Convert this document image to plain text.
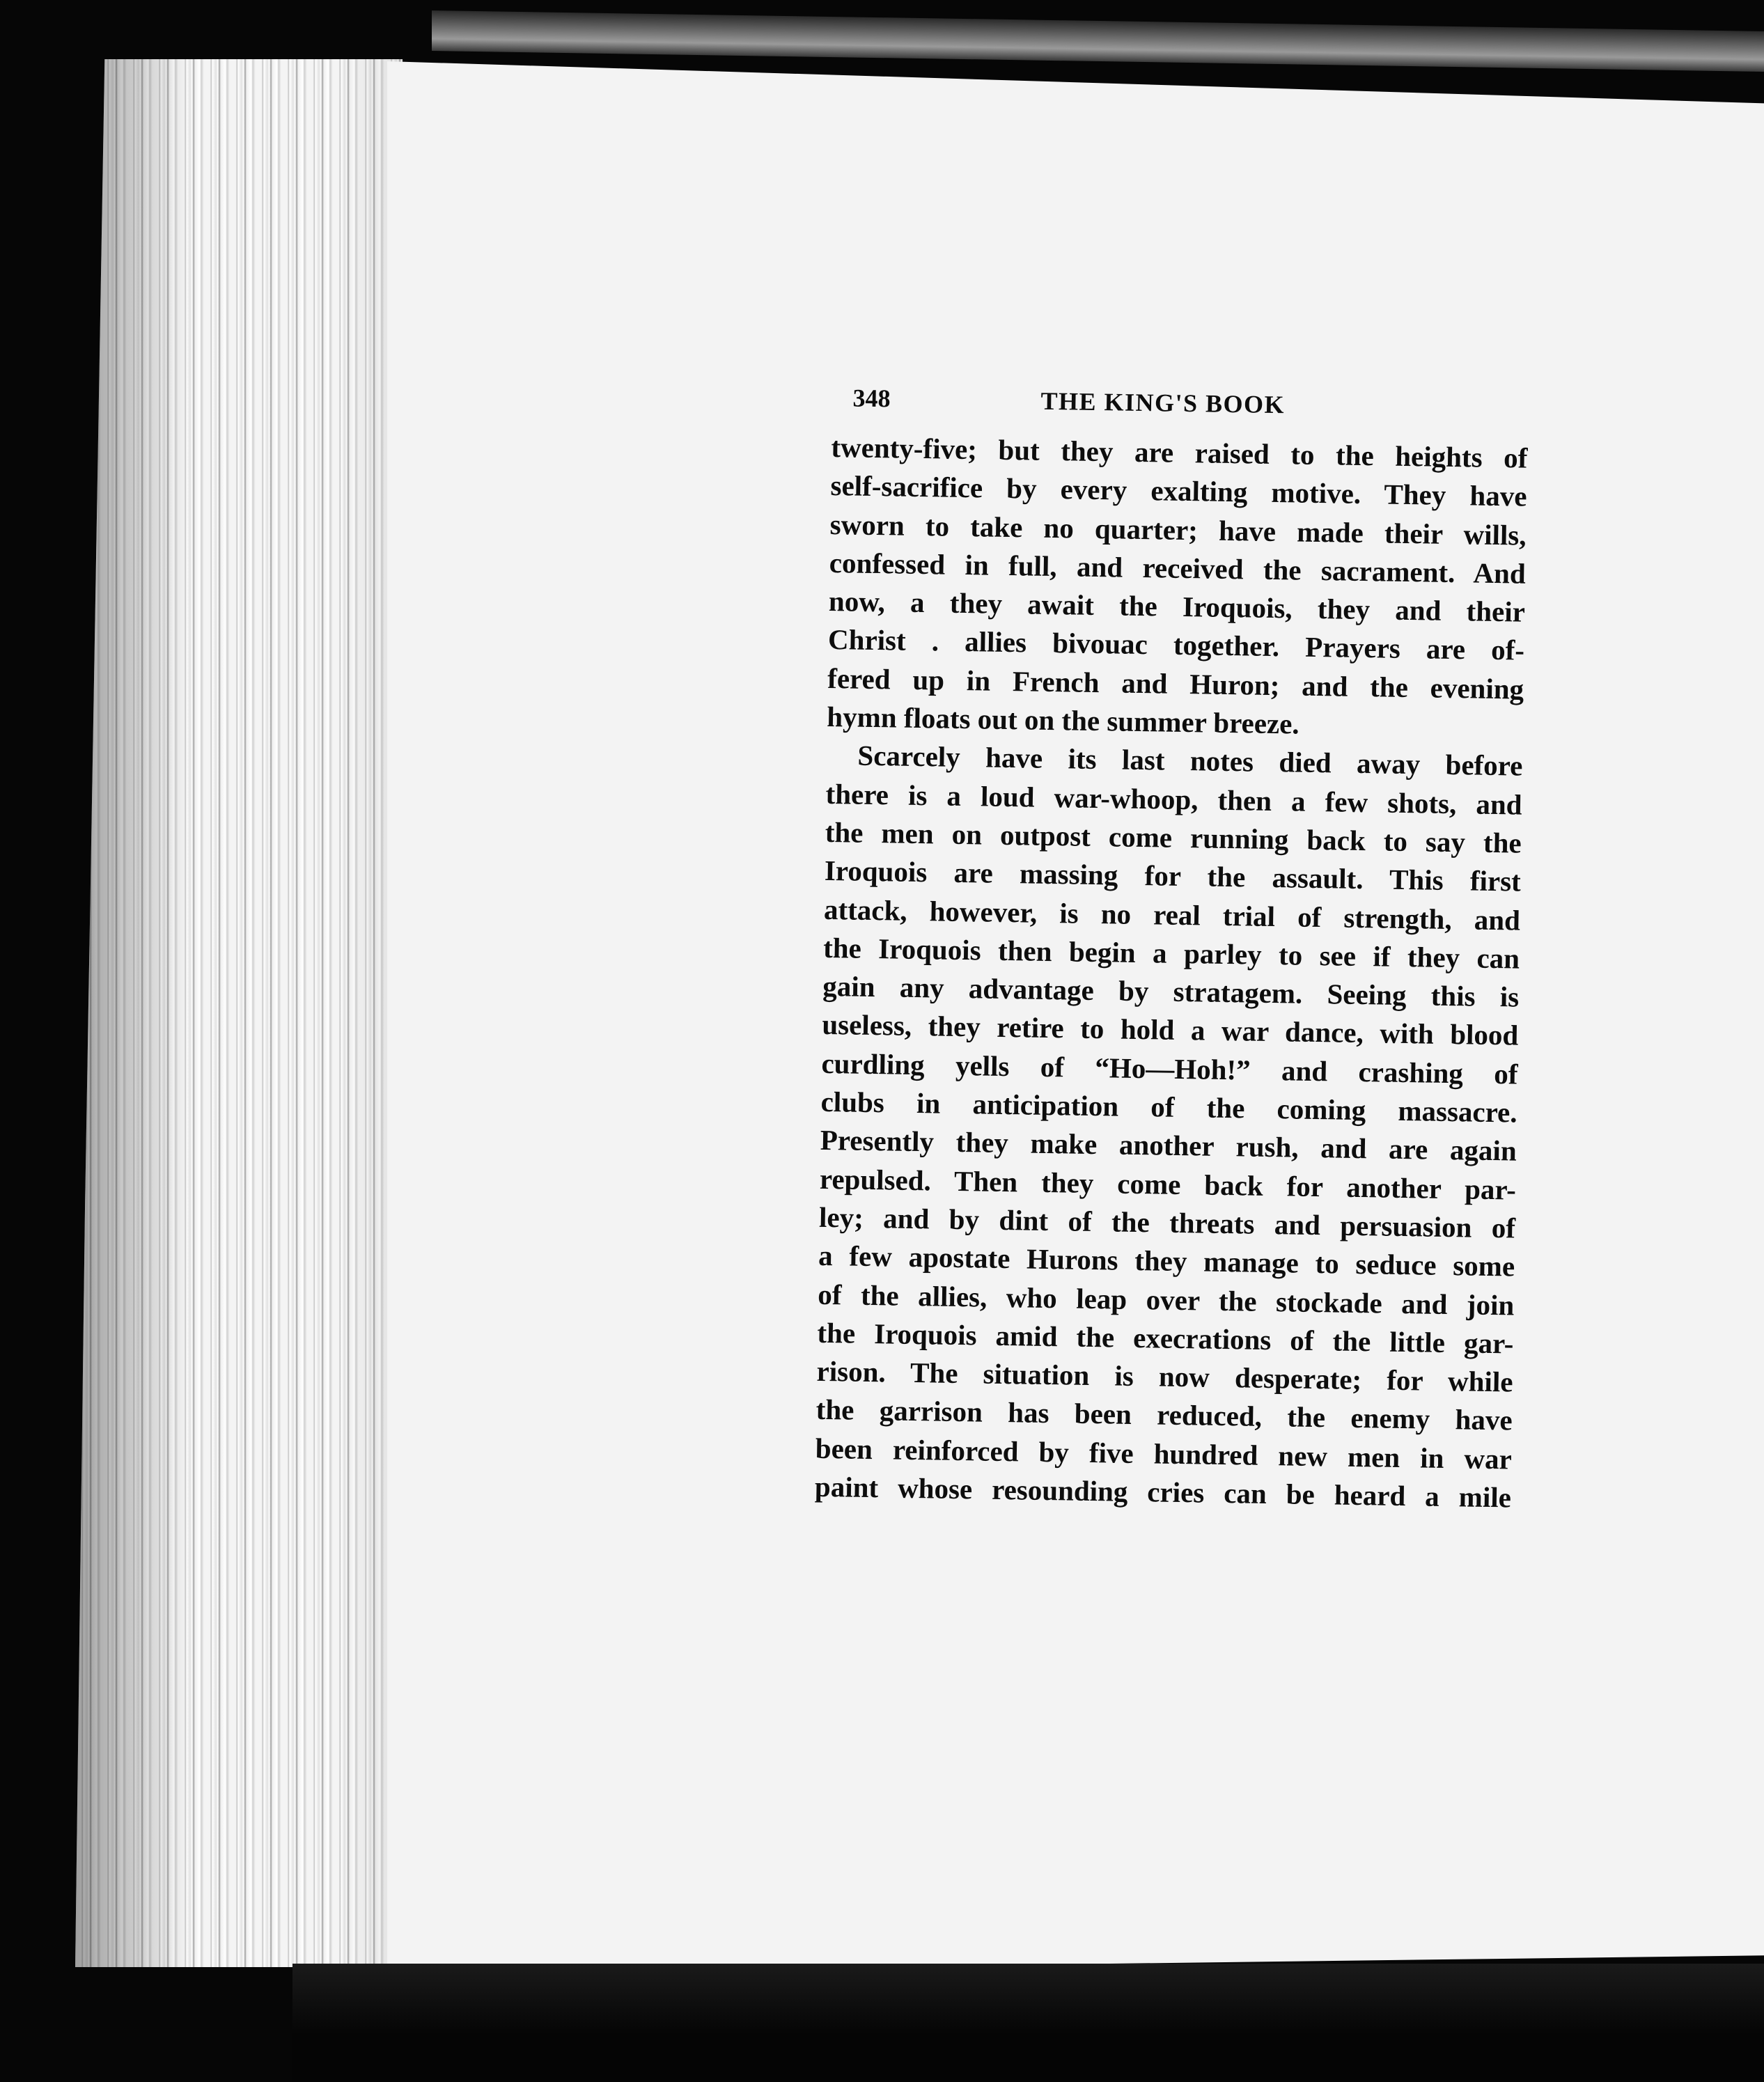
348	THE KING'S BOOK
twenty-five; but they are raised to the heights of
self-sacrifice by every exalting motive. They have
sworn to take no quarter; have made their wills,
confessed in full, and received the sacrament. And
now, a they await the Iroquois, they and their
Christ . allies bivouac together. Prayers are of-
fered up in French and Huron; and the evening
hymn floats out on the summer breeze.
Scarcely have its last notes died away before
there is a loud war-whoop, then a few shots, and
the men on outpost come running back to say the
Iroquois are massing for the assault. This first
attack, however, is no real trial of strength, and
the Iroquois then begin a parley to see if they can
gain any advantage by stratagem. Seeing this is
useless, they retire to hold a war dance, with blood
curdling yells of “Ho—Hoh!” and crashing of
clubs in anticipation of the coming massacre.
Presently they make another rush, and are again
repulsed. Then they come back for another par-
ley; and by dint of the threats and persuasion of
a few apostate Hurons they manage to seduce some
of the allies, who leap over the stockade and join
the Iroquois amid the execrations of the little gar-
rison. The situation is now desperate; for while
the garrison has been reduced, the enemy have
been reinforced by five hundred new men in war
paint whose resounding cries can be heard a mile
